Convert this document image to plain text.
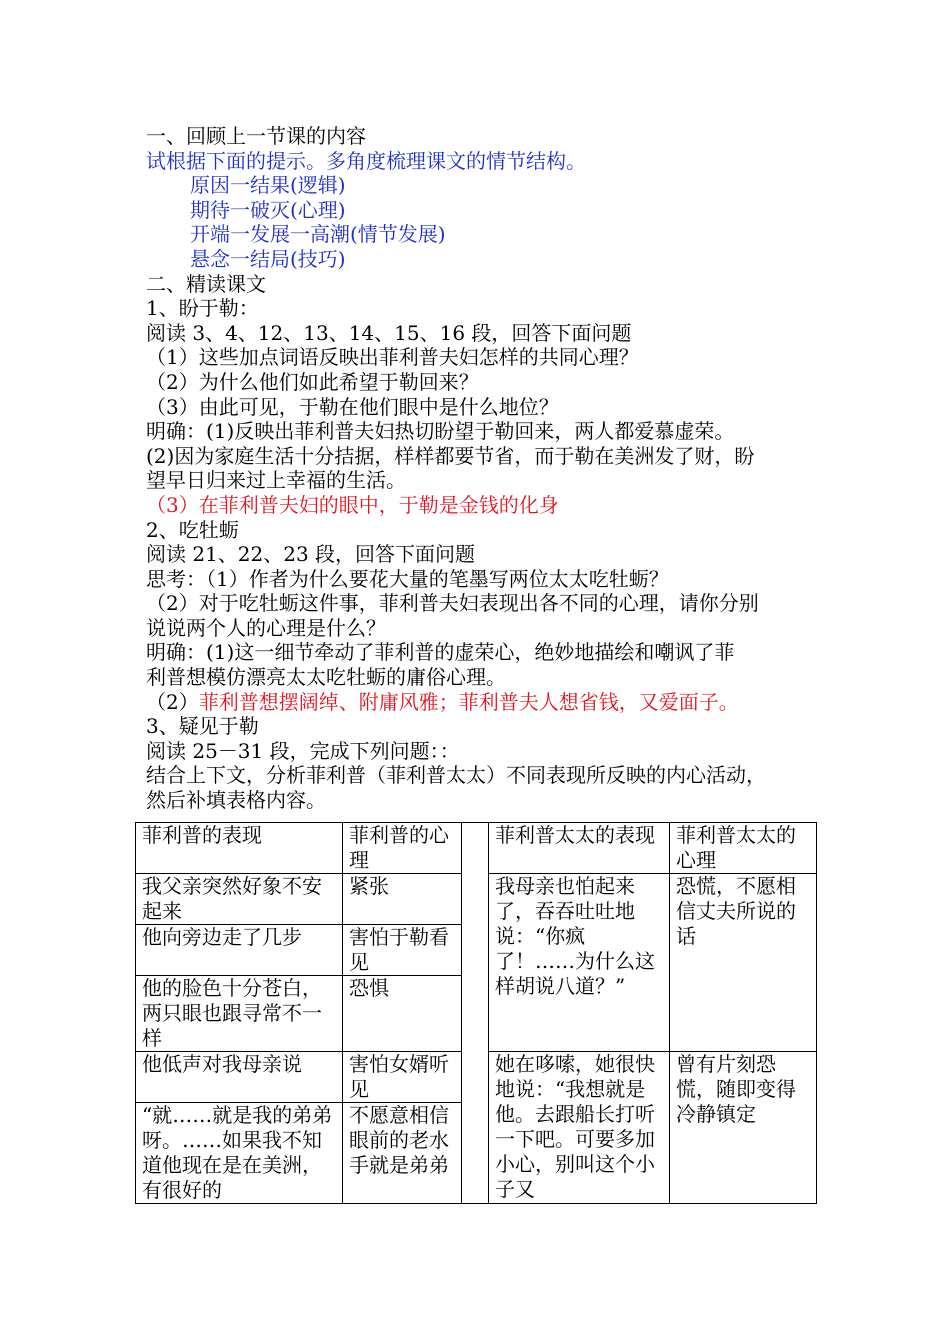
一、回顾上一节课的内容
试根据下面的提示。多角度梳理课文的情节结构。
原因一结果(逻辑)
期待一破灭(心理)
开端一发展一高潮(情节发展)
悬念一结局(技巧)
二、精读课文
1、盼于勒：
阅读 3、4、12、13、14、15、16 段，回答下面问题
（1）这些加点词语反映出菲利普夫妇怎样的共同心理？
（2）为什么他们如此希望于勒回来？
（3）由此可见，于勒在他们眼中是什么地位？
明确：(1)反映出菲利普夫妇热切盼望于勒回来，两人都爱慕虚荣。
(2)因为家庭生活十分拮据，样样都要节省，而于勒在美洲发了财，盼
望早日归来过上幸福的生活。
（3）在菲利普夫妇的眼中，于勒是金钱的化身
2、吃牡蛎
阅读 21、22、23 段，回答下面问题
思考：（1）作者为什么要花大量的笔墨写两位太太吃牡蛎？
（2）对于吃牡蛎这件事，菲利普夫妇表现出各不同的心理，请你分别
说说两个人的心理是什么？
明确：(1)这一细节牵动了菲利普的虚荣心，绝妙地描绘和嘲讽了菲
利普想模仿漂亮太太吃牡蛎的庸俗心理。
（2）菲利普想摆阔绰、附庸风雅；菲利普夫人想省钱，又爱面子。
3、疑见于勒
阅读 25－31 段，完成下列问题：：
结合上下文，分析菲利普（菲利普太太）不同表现所反映的内心活动，
然后补填表格内容。
菲利普的表现	菲利普的心理		菲利普太太的表现	菲利普太太的心理
我父亲突然好象不安起来	紧张		我母亲也怕起来了，吞吞吐吐地说：“你疯了！……为什么这样胡说八道？”	恐慌，不愿相信丈夫所说的话
他向旁边走了几步	害怕于勒看见			
他的脸色十分苍白，两只眼也跟寻常不一样	恐惧			
他低声对我母亲说	害怕女婿听见		她在哆嗦，她很快地说：“我想就是他。去跟船长打听一下吧。可要多加小心，别叫这个小子又	曾有片刻恐慌，随即变得冷静镇定

“就……就是我的弟弟呀。……如果我不知道他现在是在美洲，有很好的	不愿意相信眼前的老水手就是弟弟			
